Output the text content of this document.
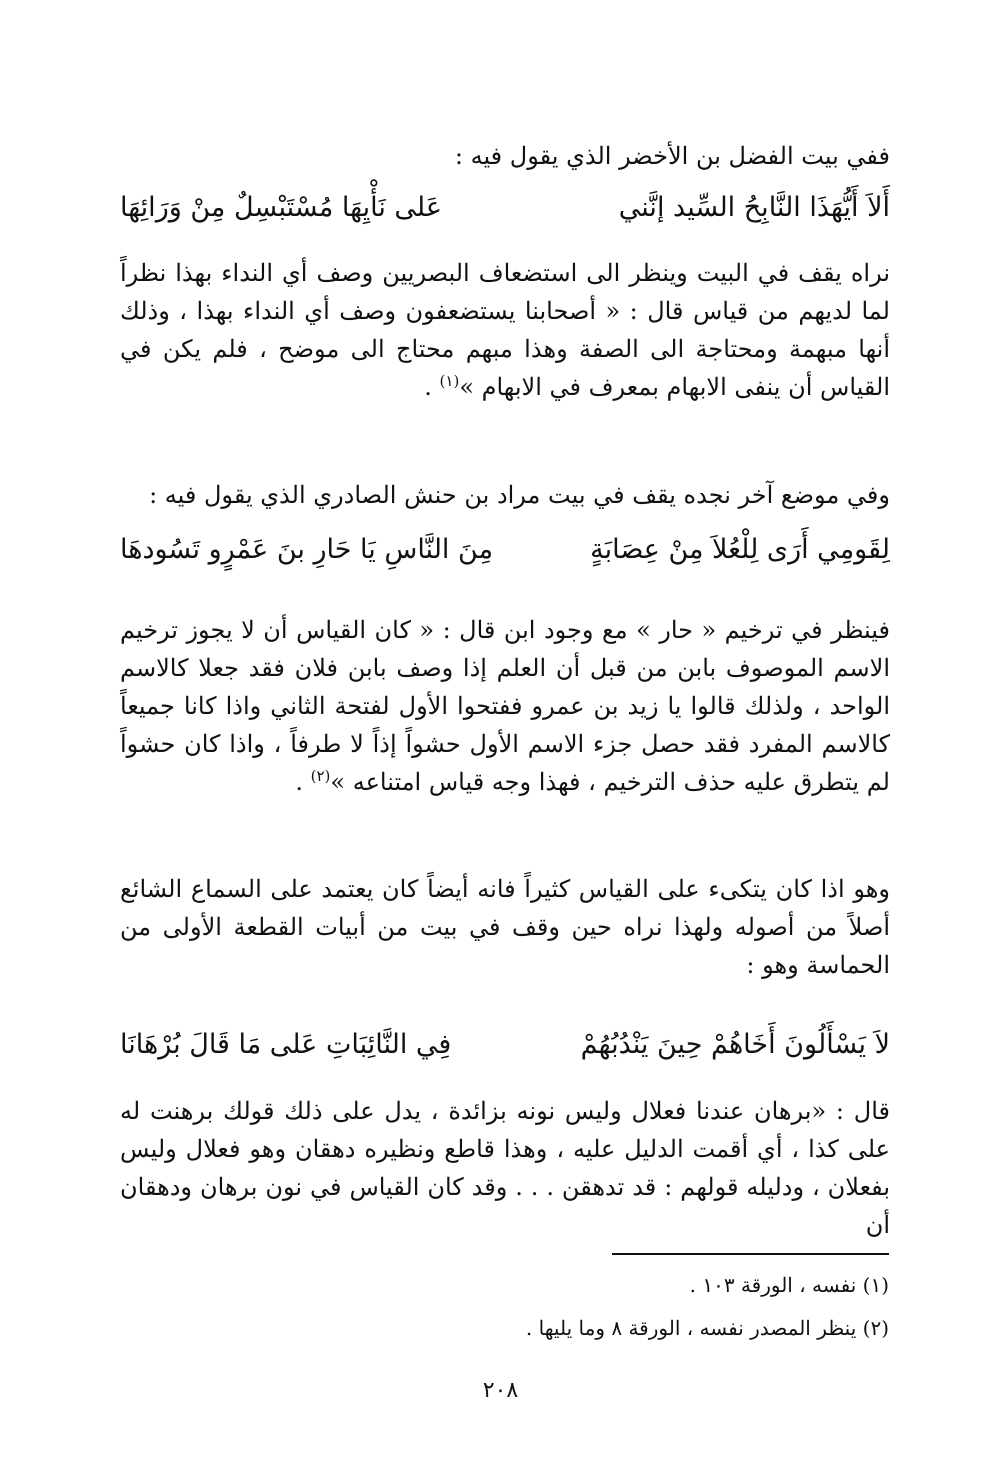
ففي بيت الفضل بن الأخضر الذي يقول فيه :

أَلاَ أَيُّهَذَا النَّابِحُ السِّيد إنَّني
عَلى نَأْيِهَا مُسْتَبْسِلٌ مِنْ وَرَائِهَا

نراه يقف في البيت وينظر الى استضعاف البصريين وصف أي النداء بهذا نظراً لما لديهم من قياس قال : « أصحابنا يستضعفون وصف أي النداء بهذا ، وذلك أنها مبهمة ومحتاجة الى الصفة وهذا مبهم محتاج الى موضح ، فلم يكن في القياس أن ينفى الابهام بمعرف في الابهام »$^{(١)}$ .

وفي موضع آخر نجده يقف في بيت مراد بن حنش الصادري الذي يقول فيه :

لِقَومِي أَرَى لِلْعُلاَ مِنْ عِصَابَةٍ
مِنَ النَّاسِ يَا حَارِ بنَ عَمْرٍو تَسُودهَا

فينظر في ترخيم « حار » مع وجود ابن قال : « كان القياس أن لا يجوز ترخيم الاسم الموصوف بابن من قبل أن العلم إذا وصف بابن فلان فقد جعلا كالاسم الواحد ، ولذلك قالوا يا زيد بن عمرو ففتحوا الأول لفتحة الثاني واذا كانا جميعاً كالاسم المفرد فقد حصل جزء الاسم الأول حشواً إذاً لا طرفاً ، واذا كان حشواً لم يتطرق عليه حذف الترخيم ، فهذا وجه قياس امتناعه »$^{(٢)}$ .

وهو اذا كان يتكىء على القياس كثيراً فانه أيضاً كان يعتمد على السماع الشائع أصلاً من أصوله ولهذا نراه حين وقف في بيت من أبيات القطعة الأولى من الحماسة وهو :

لاَ يَسْأَلُونَ أَخَاهُمْ حِينَ يَنْدُبُهُمْ
فِي النَّائِبَاتِ عَلى مَا قَالَ بُرْهَانَا

قال : «برهان عندنا فعلال وليس نونه بزائدة ، يدل على ذلك قولك برهنت له على كذا ، أي أقمت الدليل عليه ، وهذا قاطع ونظيره دهقان وهو فعلال وليس بفعلان ، ودليله قولهم : قد تدهقن . . . وقد كان القياس في نون برهان ودهقان أن

(١) نفسه ، الورقة ١٠٣ .
(٢) ينظر المصدر نفسه ، الورقة ٨ وما يليها .
٢٠٨
